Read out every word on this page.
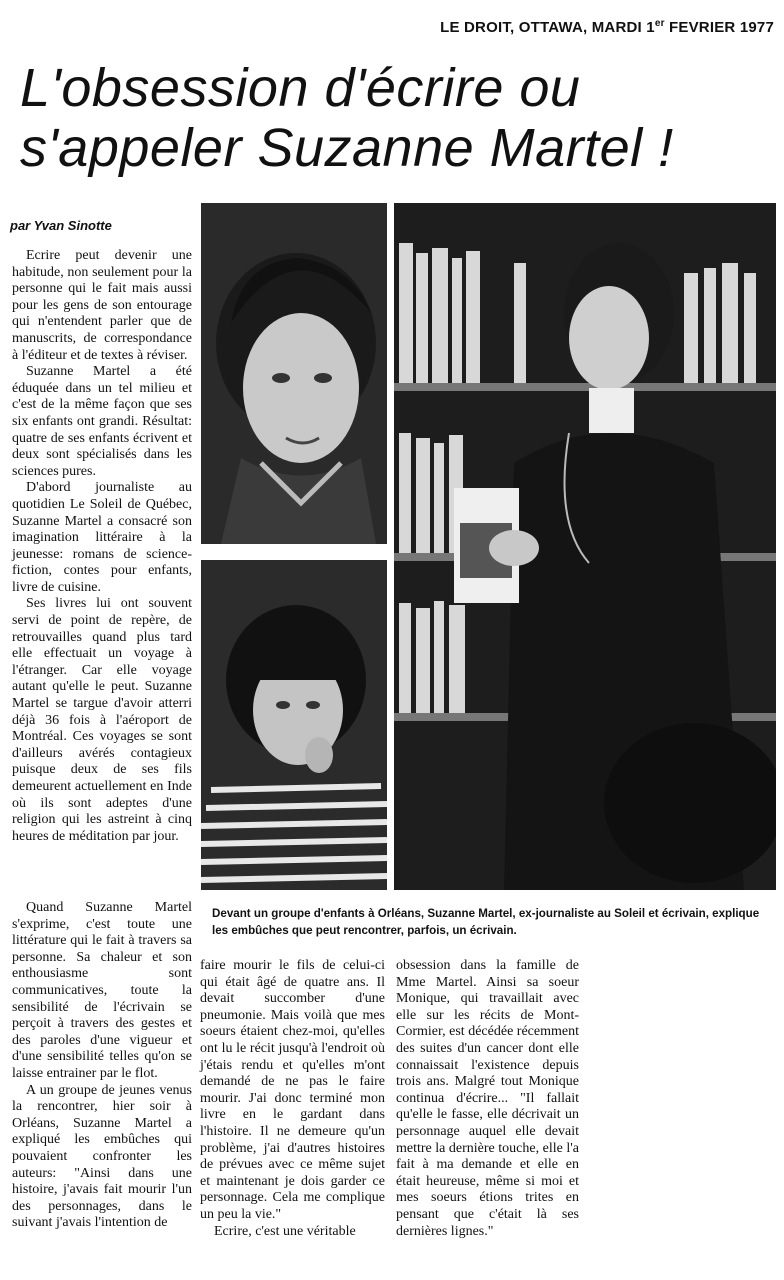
LE DROIT, OTTAWA, MARDI 1er FEVRIER 1977
L'obsession d'écrire ou
s'appeler Suzanne Martel !
par Yvan Sinotte

Ecrire peut devenir une habitude, non seulement pour la personne qui le fait mais aussi pour les gens de son entourage qui n'entendent parler que de manuscrits, de correspondance à l'éditeur et de textes à réviser.

Suzanne Martel a été éduquée dans un tel milieu et c'est de la même façon que ses six enfants ont grandi. Résultat: quatre de ses enfants écrivent et deux sont spécialisés dans les sciences pures.

D'abord journaliste au quotidien Le Soleil de Québec, Suzanne Martel a consacré son imagination littéraire à la jeunesse: romans de science-fiction, contes pour enfants, livre de cuisine.

Ses livres lui ont souvent servi de point de repère, de retrouvailles quand plus tard elle effectuait un voyage à l'étranger. Car elle voyage autant qu'elle le peut. Suzanne Martel se targue d'avoir atterri déjà 36 fois à l'aéroport de Montréal. Ces voyages se sont d'ailleurs avérés contagieux puisque deux de ses fils demeurent actuellement en Inde où ils sont adeptes d'une religion qui les astreint à cinq heures de méditation par jour.

Quand Suzanne Martel s'exprime, c'est toute une littérature qui le fait à travers sa personne. Sa chaleur et son enthousiasme sont communicatives, toute la sensibilité de l'écrivain se perçoit à travers des gestes et des paroles d'une vigueur et d'une sensibilité telles qu'on se laisse entrainer par le flot.

A un groupe de jeunes venus la rencontrer, hier soir à Orléans, Suzanne Martel a expliqué les embûches qui pouvaient confronter les auteurs: "Ainsi dans une histoire, j'avais fait mourir l'un des personnages, dans le suivant j'avais l'intention de

Devant un groupe d'enfants à Orléans, Suzanne Martel, ex-journaliste au Soleil et écrivain, explique les embûches que peut rencontrer, parfois, un écrivain.

faire mourir le fils de celui-ci qui était âgé de quatre ans. Il devait succomber d'une pneumonie. Mais voilà que mes soeurs étaient chez-moi, qu'elles ont lu le récit jusqu'à l'endroit où j'étais rendu et qu'elles m'ont demandé de ne pas le faire mourir. J'ai donc terminé mon livre en le gardant dans l'histoire. Il ne demeure qu'un problème, j'ai d'autres histoires de prévues avec ce même sujet et maintenant je dois garder ce personnage. Cela me complique un peu la vie."

Ecrire, c'est une véritable

obsession dans la famille de Mme Martel. Ainsi sa soeur Monique, qui travaillait avec elle sur les récits de Mont-Cormier, est décédée récemment des suites d'un cancer dont elle connaissait l'existence depuis trois ans. Malgré tout Monique continua d'écrire... "Il fallait qu'elle le fasse, elle décrivait un personnage auquel elle devait mettre la dernière touche, elle l'a fait à ma demande et elle en était heureuse, même si moi et mes soeurs étions trites en pensant que c'était là ses dernières lignes."
